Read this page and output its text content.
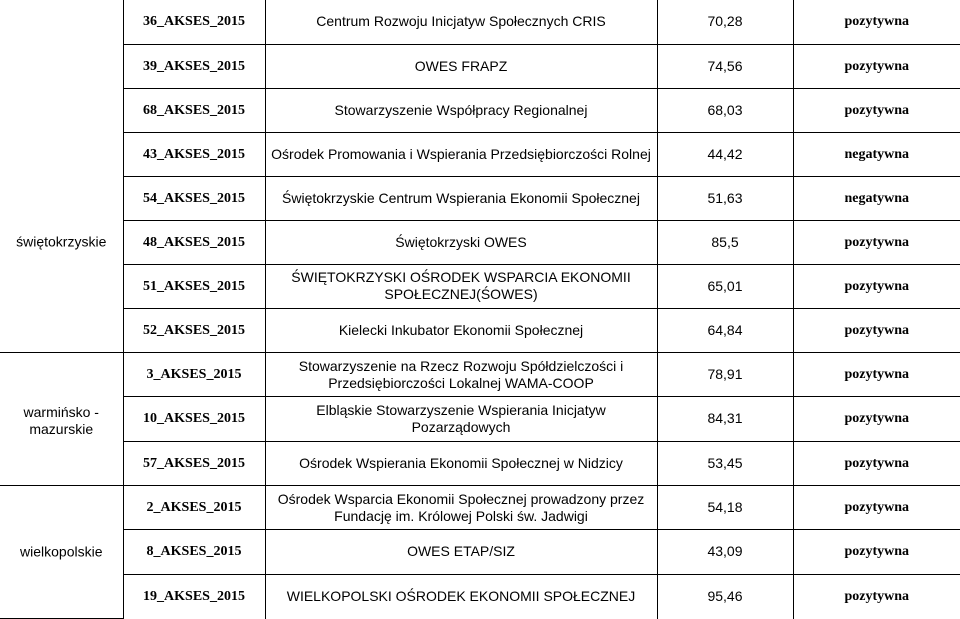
świętokrzyskie	36_AKSES_2015	Centrum Rozwoju Inicjatyw Społecznych CRIS	70,28	pozytywna
	39_AKSES_2015	OWES FRAPZ	74,56	pozytywna
	68_AKSES_2015	Stowarzyszenie Współpracy Regionalnej	68,03	pozytywna
	43_AKSES_2015	Ośrodek Promowania i Wspierania Przedsiębiorczości Rolnej	44,42	negatywna
	54_AKSES_2015	Świętokrzyskie Centrum Wspierania Ekonomii Społecznej	51,63	negatywna
	48_AKSES_2015	Świętokrzyski OWES	85,5	pozytywna
	51_AKSES_2015	ŚWIĘTOKRZYSKI OŚRODEK WSPARCIA EKONOMII SPOŁECZNEJ(ŚOWES)	65,01	pozytywna
	52_AKSES_2015	Kielecki Inkubator Ekonomii Społecznej	64,84	pozytywna

warmińsko - mazurskie	3_AKSES_2015	Stowarzyszenie na Rzecz Rozwoju Spółdzielczości i Przedsiębiorczości Lokalnej WAMA-COOP	78,91	pozytywna
	10_AKSES_2015	Elbląskie Stowarzyszenie Wspierania Inicjatyw Pozarządowych	84,31	pozytywna
	57_AKSES_2015	Ośrodek Wspierania Ekonomii Społecznej w Nidzicy	53,45	pozytywna

wielkopolskie	2_AKSES_2015	Ośrodek Wsparcia Ekonomii Społecznej prowadzony przez Fundację im. Królowej Polski św. Jadwigi	54,18	pozytywna
	8_AKSES_2015	OWES ETAP/SIZ	43,09	pozytywna
	19_AKSES_2015	WIELKOPOLSKI OŚRODEK EKONOMII SPOŁECZNEJ	95,46	pozytywna
